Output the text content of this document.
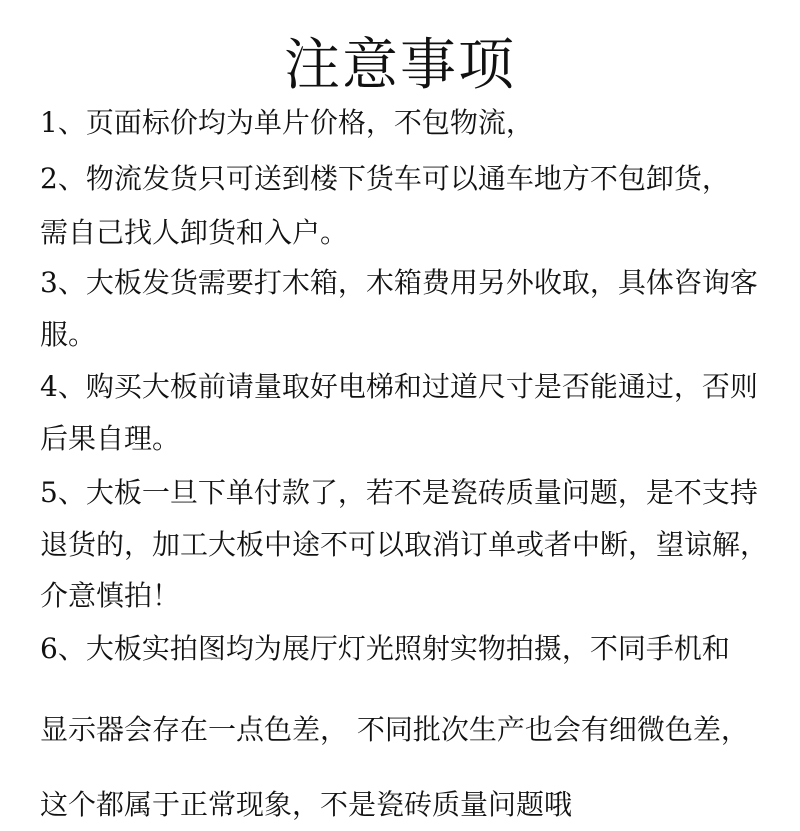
注意事项
1、页面标价均为单片价格，不包物流，
2、物流发货只可送到楼下货车可以通车地方不包卸货，
需自己找人卸货和入户。
3、大板发货需要打木箱，木箱费用另外收取，具体咨询客
服。
4、购买大板前请量取好电梯和过道尺寸是否能通过，否则
后果自理。
5、大板一旦下单付款了，若不是瓷砖质量问题，是不支持
退货的，加工大板中途不可以取消订单或者中断，望谅解，
介意慎拍！
6、大板实拍图均为展厅灯光照射实物拍摄，不同手机和
显示器会存在一点色差， 不同批次生产也会有细微色差，
这个都属于正常现象，不是瓷砖质量问题哦
